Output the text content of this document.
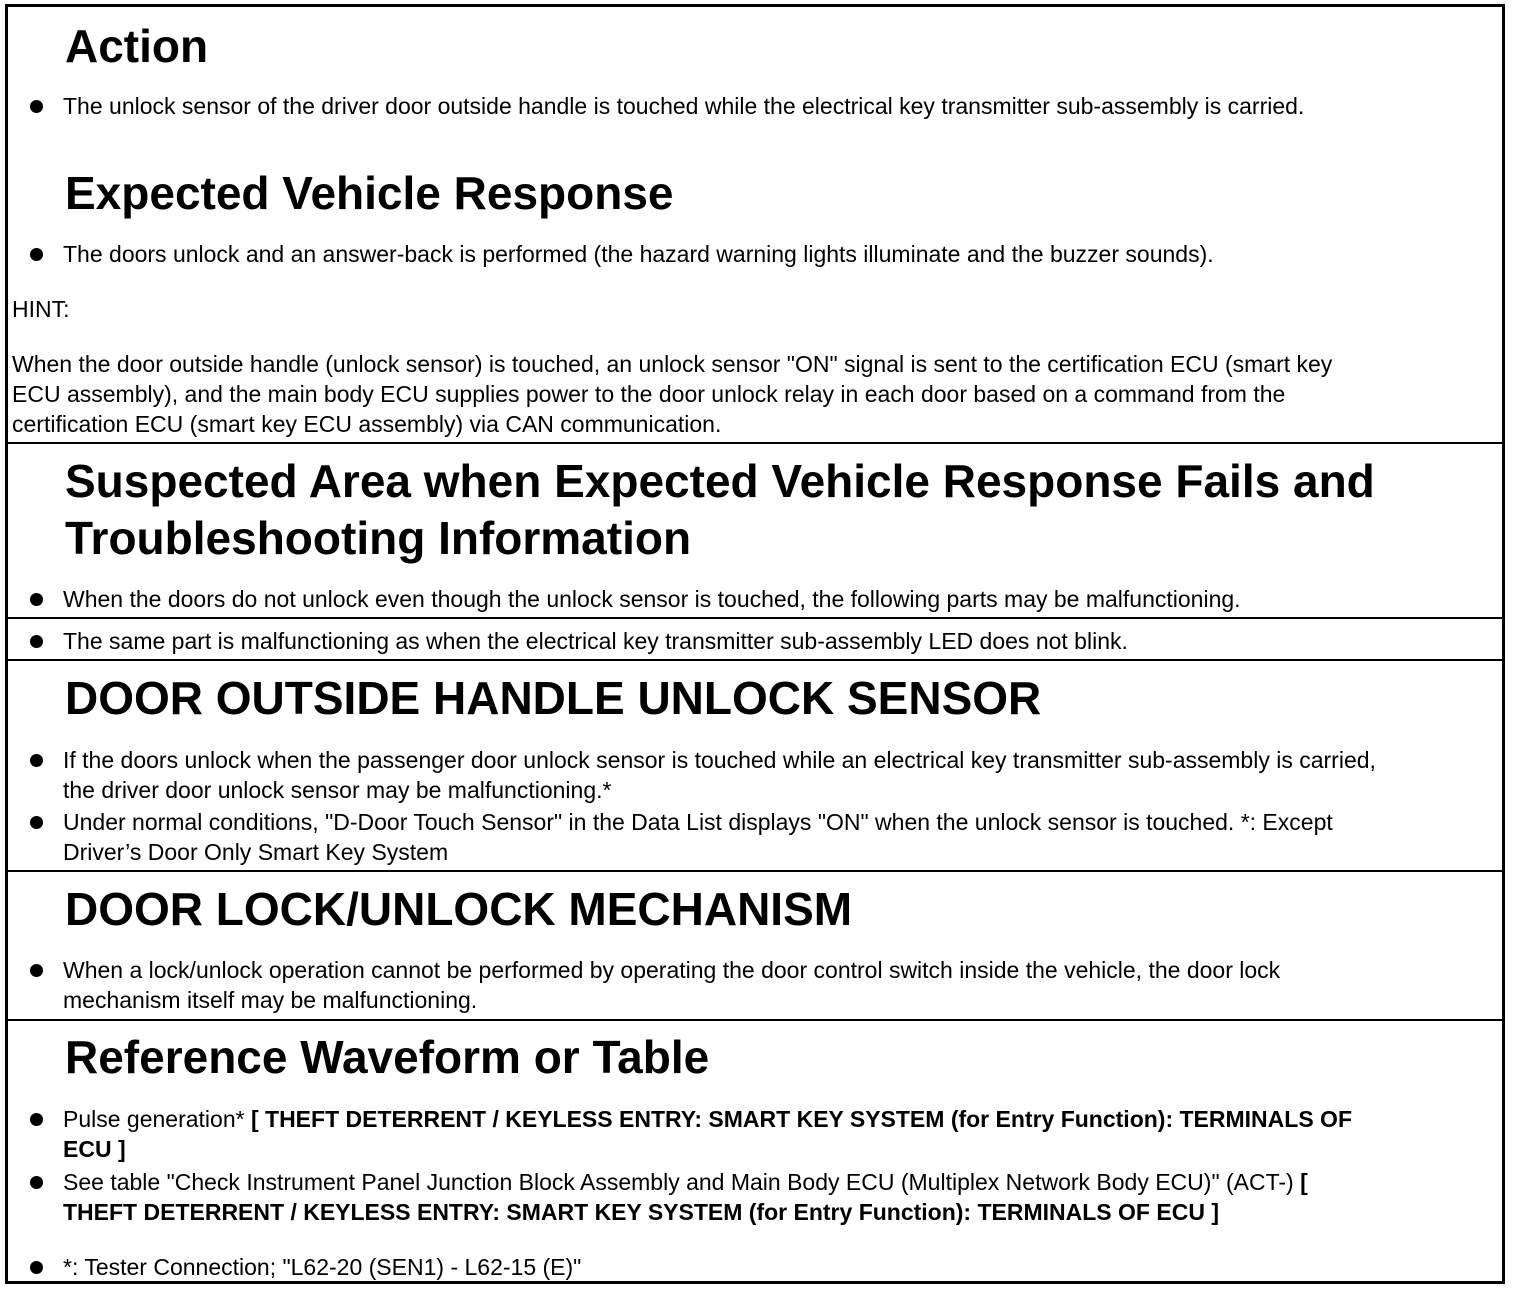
Action
The unlock sensor of the driver door outside handle is touched while the electrical key transmitter sub-assembly is carried.
Expected Vehicle Response
The doors unlock and an answer-back is performed (the hazard warning lights illuminate and the buzzer sounds).
HINT:
When the door outside handle (unlock sensor) is touched, an unlock sensor "ON" signal is sent to the certification ECU (smart key
ECU assembly), and the main body ECU supplies power to the door unlock relay in each door based on a command from the
certification ECU (smart key ECU assembly) via CAN communication.
Suspected Area when Expected Vehicle Response Fails and
Troubleshooting Information
When the doors do not unlock even though the unlock sensor is touched, the following parts may be malfunctioning.
The same part is malfunctioning as when the electrical key transmitter sub-assembly LED does not blink.
DOOR OUTSIDE HANDLE UNLOCK SENSOR
If the doors unlock when the passenger door unlock sensor is touched while an electrical key transmitter sub-assembly is carried,
the driver door unlock sensor may be malfunctioning.*
Under normal conditions, "D-Door Touch Sensor" in the Data List displays "ON" when the unlock sensor is touched. *: Except
Driver’s Door Only Smart Key System
DOOR LOCK/UNLOCK MECHANISM
When a lock/unlock operation cannot be performed by operating the door control switch inside the vehicle, the door lock
mechanism itself may be malfunctioning.
Reference Waveform or Table
Pulse generation* [ THEFT DETERRENT / KEYLESS ENTRY: SMART KEY SYSTEM (for Entry Function): TERMINALS OF
ECU ]
See table "Check Instrument Panel Junction Block Assembly and Main Body ECU (Multiplex Network Body ECU)" (ACT-) [
THEFT DETERRENT / KEYLESS ENTRY: SMART KEY SYSTEM (for Entry Function): TERMINALS OF ECU ]
*: Tester Connection; "L62-20 (SEN1) - L62-15 (E)"
